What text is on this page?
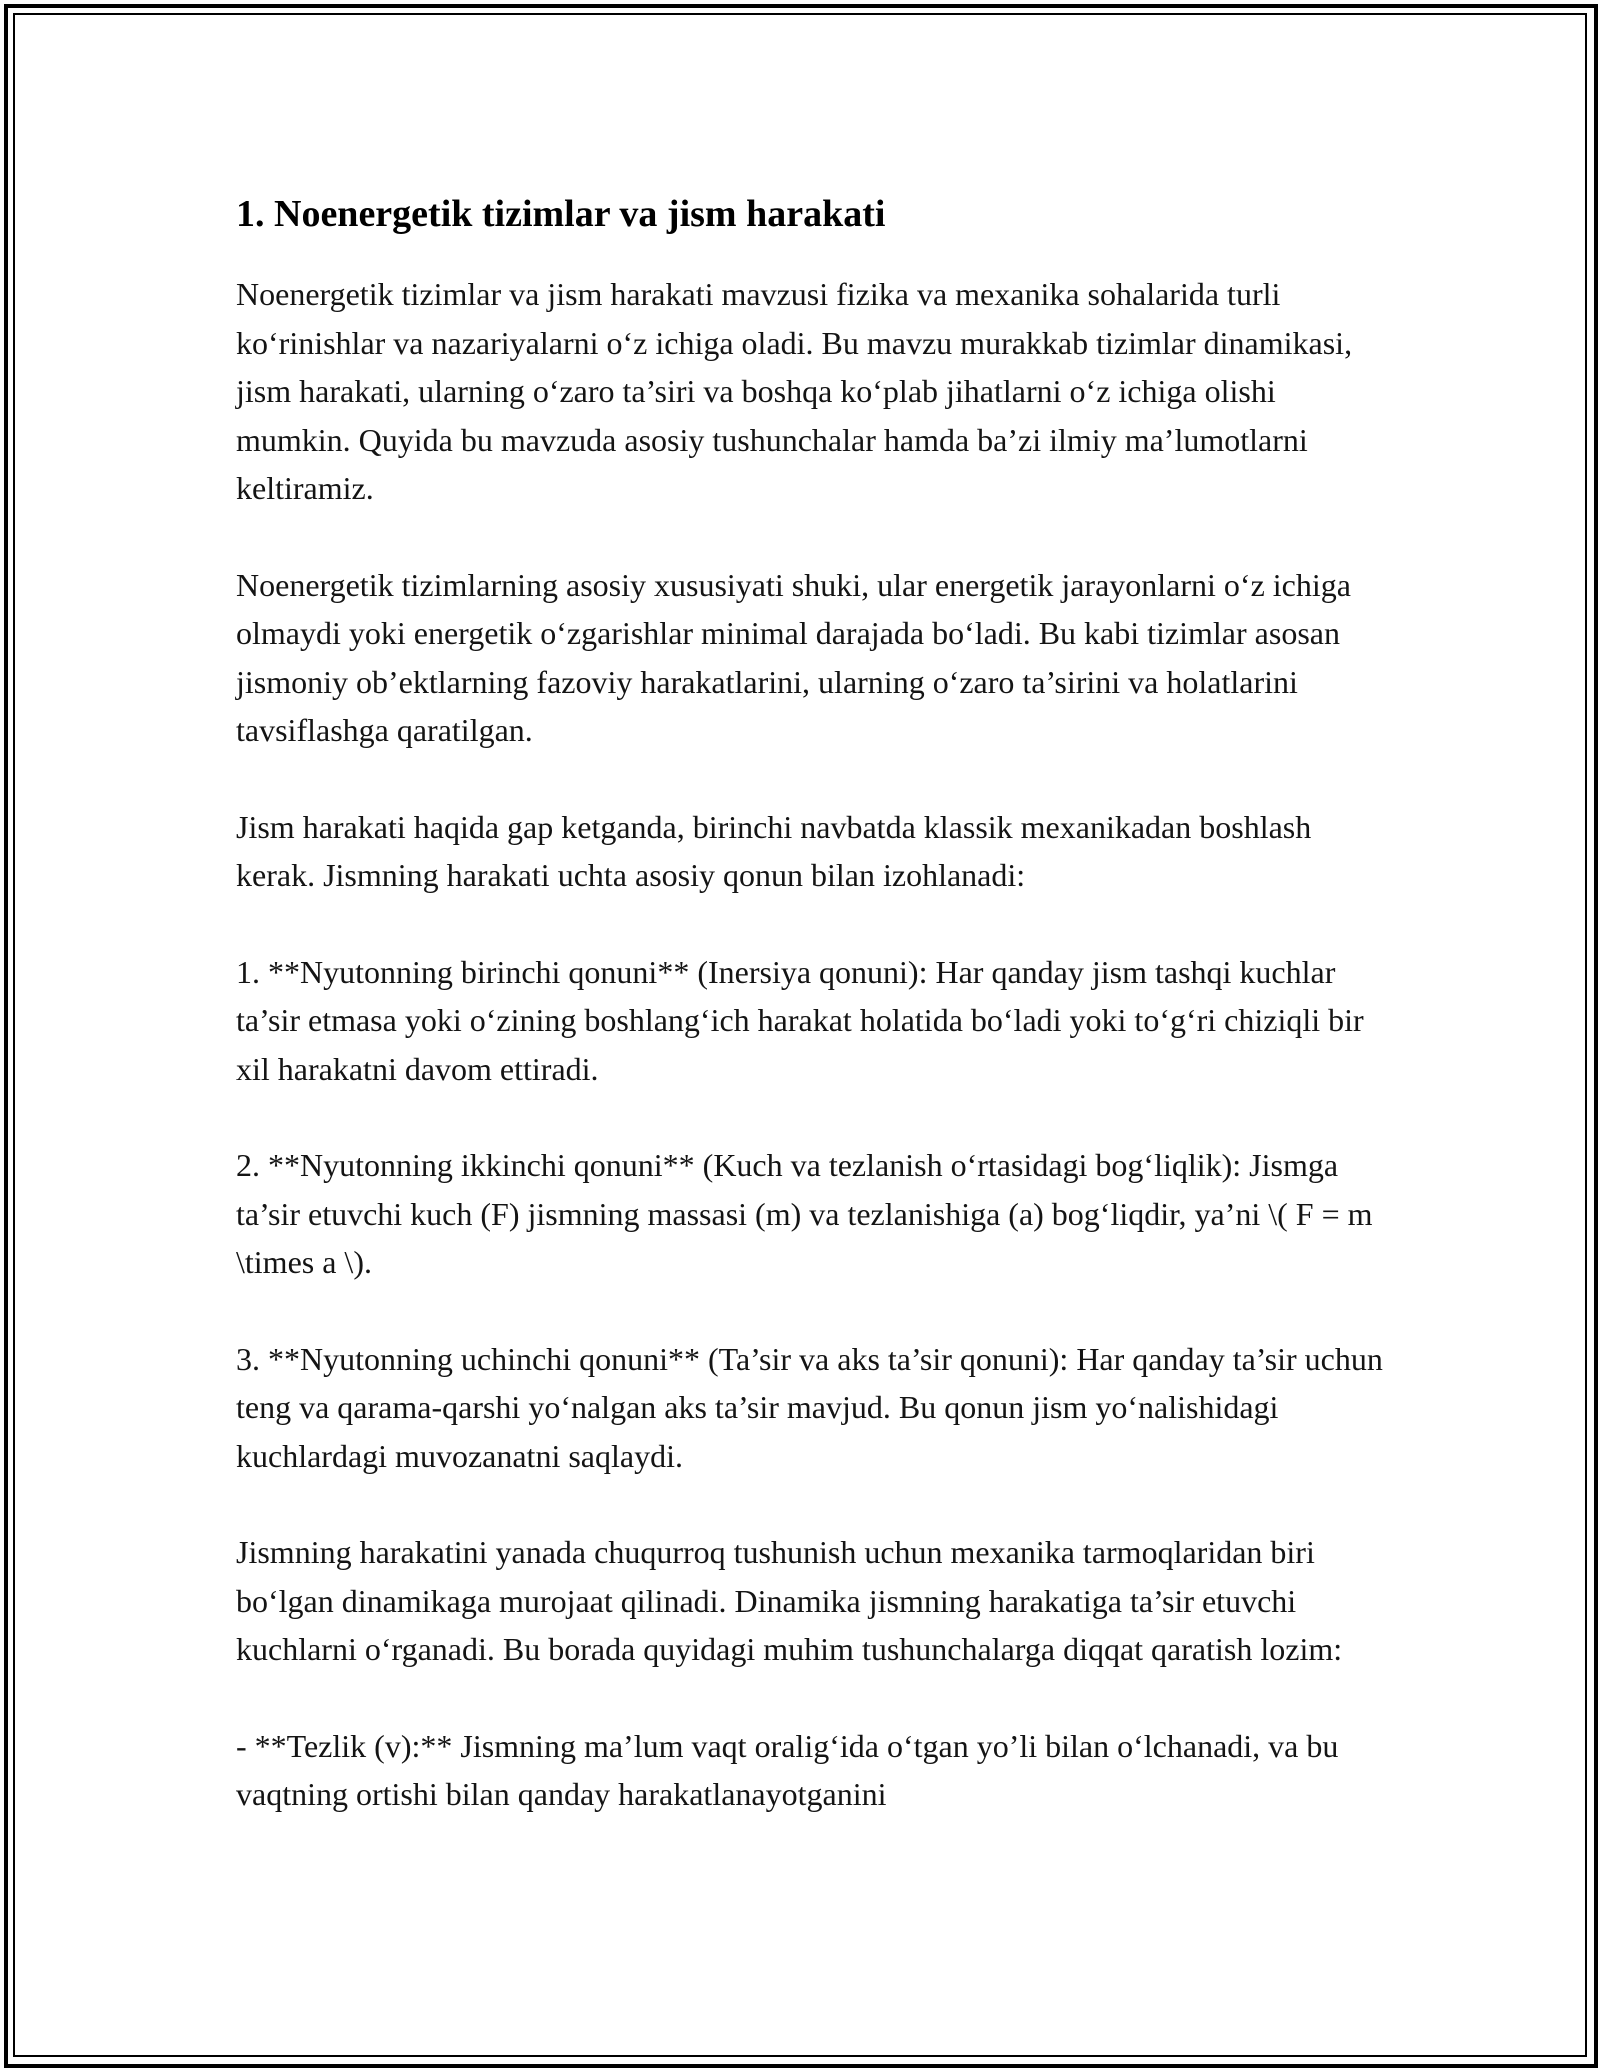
1. Noenergetik tizimlar va jism harakati

Noenergetik tizimlar va jism harakati mavzusi fizika va mexanika sohalarida turli ko‘rinishlar va nazariyalarni o‘z ichiga oladi. Bu mavzu murakkab tizimlar dinamikasi, jism harakati, ularning o‘zaro ta’siri va boshqa ko‘plab jihatlarni o‘z ichiga olishi mumkin. Quyida bu mavzuda asosiy tushunchalar hamda ba’zi ilmiy ma’lumotlarni keltiramiz.

Noenergetik tizimlarning asosiy xususiyati shuki, ular energetik jarayonlarni o‘z ichiga olmaydi yoki energetik o‘zgarishlar minimal darajada bo‘ladi. Bu kabi tizimlar asosan jismoniy ob’ektlarning fazoviy harakatlarini, ularning o‘zaro ta’sirini va holatlarini tavsiflashga qaratilgan.

Jism harakati haqida gap ketganda, birinchi navbatda klassik mexanikadan boshlash kerak. Jismning harakati uchta asosiy qonun bilan izohlanadi:

1. **Nyutonning birinchi qonuni** (Inersiya qonuni): Har qanday jism tashqi kuchlar ta’sir etmasa yoki o‘zining boshlang‘ich harakat holatida bo‘ladi yoki to‘g‘ri chiziqli bir xil harakatni davom ettiradi.

2. **Nyutonning ikkinchi qonuni** (Kuch va tezlanish o‘rtasidagi bog‘liqlik): Jismga ta’sir etuvchi kuch (F) jismning massasi (m) va tezlanishiga (a) bog‘liqdir, ya’ni \( F = m \times a \).

3. **Nyutonning uchinchi qonuni** (Ta’sir va aks ta’sir qonuni): Har qanday ta’sir uchun teng va qarama-qarshi yo‘nalgan aks ta’sir mavjud. Bu qonun jism yo‘nalishidagi kuchlardagi muvozanatni saqlaydi.

Jismning harakatini yanada chuqurroq tushunish uchun mexanika tarmoqlaridan biri bo‘lgan dinamikaga murojaat qilinadi. Dinamika jismning harakatiga ta’sir etuvchi kuchlarni o‘rganadi. Bu borada quyidagi muhim tushunchalarga diqqat qaratish lozim:

- **Tezlik (v):** Jismning ma’lum vaqt oralig‘ida o‘tgan yo’li bilan o‘lchanadi, va bu vaqtning ortishi bilan qanday harakatlanayotganini
